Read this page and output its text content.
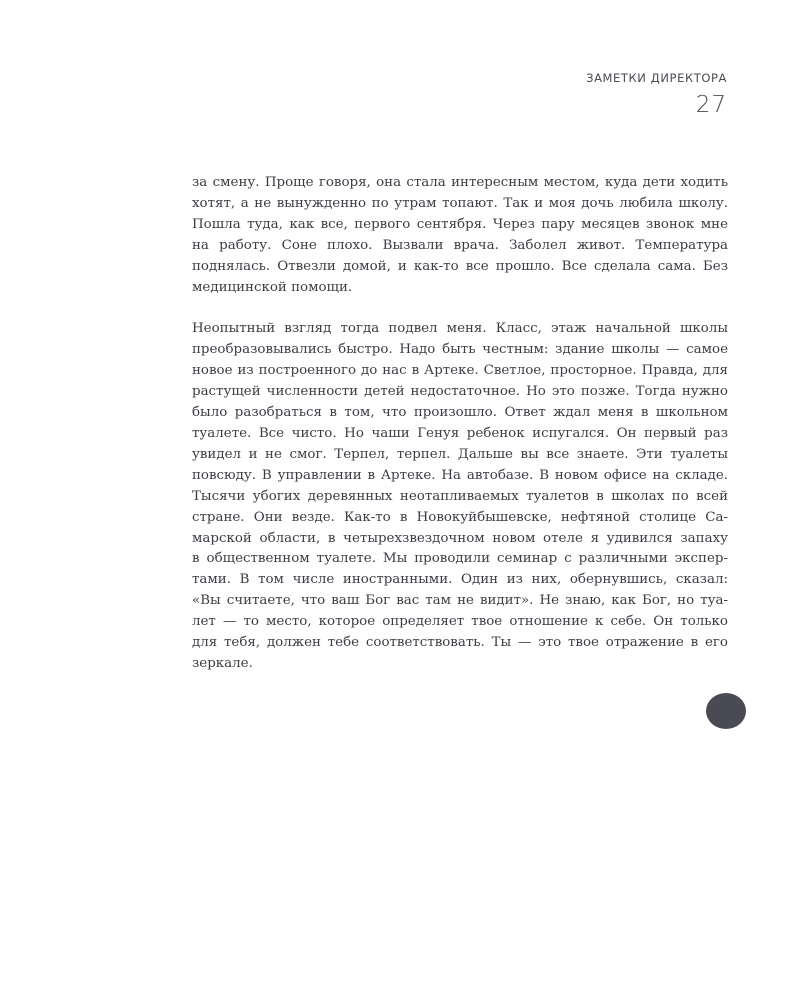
ЗАМЕТКИ ДИРЕКТОРА
27

за смену. Проще говоря, она стала интересным местом, куда дети ходить
хотят, а не вынужденно по утрам топают. Так и моя дочь любила школу.
Пошла туда, как все, первого сентября. Через пару месяцев звонок мне
на работу. Соне плохо. Вызвали врача. Заболел живот. Температура
поднялась. Отвезли домой, и как-то все прошло. Все сделала сама. Без
медицинской помощи.

Неопытный взгляд тогда подвел меня. Класс, этаж начальной школы
преобразовывались быстро. Надо быть честным: здание школы — самое
новое из построенного до нас в Артеке. Светлое, просторное. Правда, для
растущей численности детей недостаточное. Но это позже. Тогда нужно
было разобраться в том, что произошло. Ответ ждал меня в школьном
туалете. Все чисто. Но чаши Генуя ребенок испугался. Он первый раз
увидел и не смог. Терпел, терпел. Дальше вы все знаете. Эти туалеты
повсюду. В управлении в Артеке. На автобазе. В новом офисе на складе.
Тысячи убогих деревянных неотапливаемых туалетов в школах по всей
стране. Они везде. Как-то в Новокуйбышевске, нефтяной столице Са-
марской области, в четырехзвездочном новом отеле я удивился запаху
в общественном туалете. Мы проводили семинар с различными экспер-
тами. В том числе иностранными. Один из них, обернувшись, сказал:
«Вы считаете, что ваш Бог вас там не видит». Не знаю, как Бог, но туа-
лет — то место, которое определяет твое отношение к себе. Он только
для тебя, должен тебе соответствовать. Ты — это твое отражение в его
зеркале.
